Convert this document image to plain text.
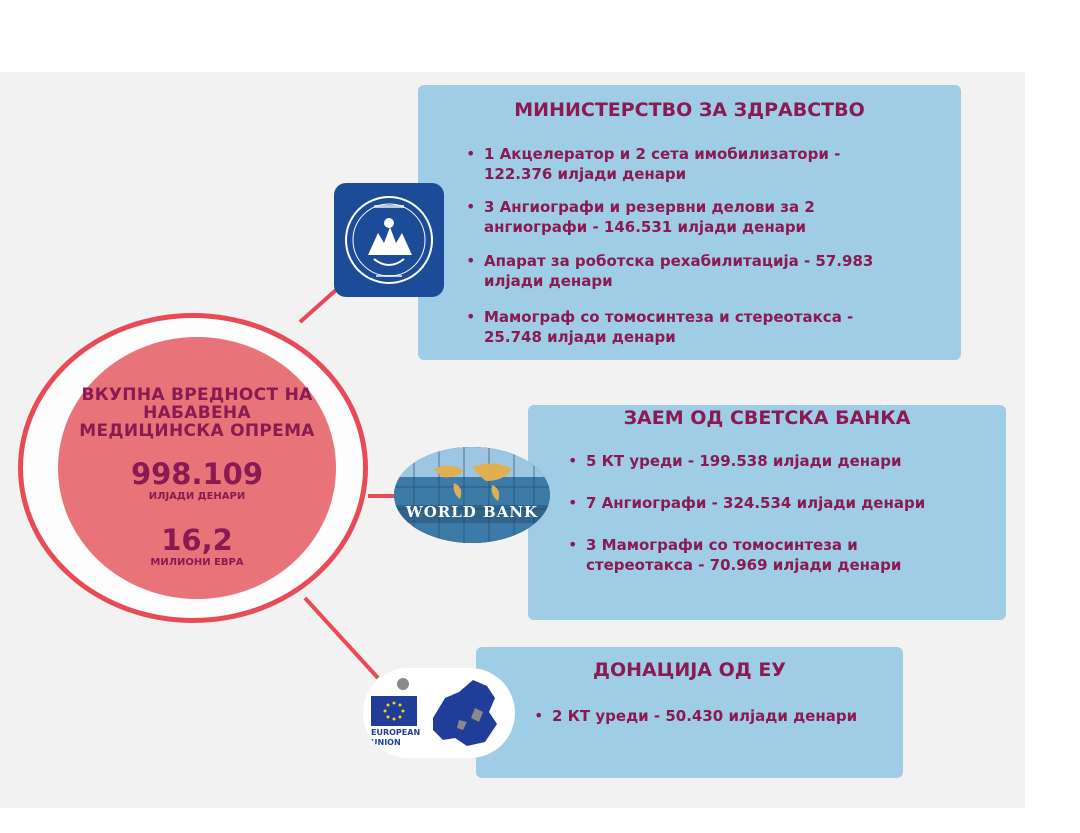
ВКУПНА ВРЕДНОСТ НА
НАБАВЕНА
МЕДИЦИНСКА ОПРЕМА
998.109
ИЛЈАДИ ДЕНАРИ
16,2
МИЛИОНИ ЕВРА
МИНИСТЕРСТВО ЗА ЗДРАВСТВО
• 1 Акцелератор и 2 сета имобилизатори -
122.376 илјади денари
• 3 Ангиографи и резервни делови за 2
ангиографи - 146.531 илјади денари
• Апарат за роботска рехабилитација - 57.983
илјади денари
• Мамограф со томосинтеза и стереотакса -
25.748 илјади денари
ЗАЕМ ОД СВЕТСКА БАНКА
• 5 КТ уреди - 199.538 илјади денари
• 7 Ангиографи - 324.534 илјади денари
• 3 Мамографи со томосинтеза и
стереотакса - 70.969 илјади денари
WORLD BANK
ДОНАЦИЈА ОД ЕУ
• 2 КТ уреди - 50.430 илјади денари
EUROPEAN
UNION
